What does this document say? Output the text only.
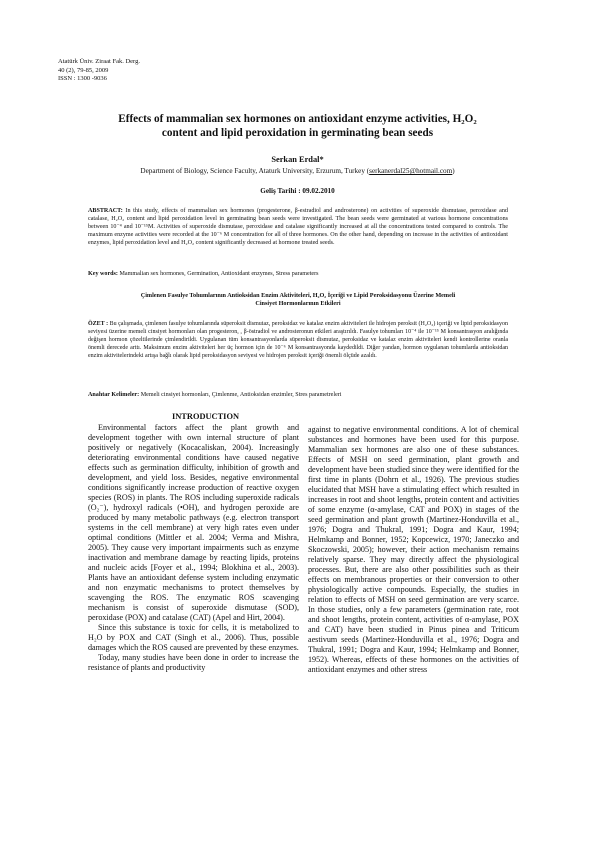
Atatürk Üniv. Ziraat Fak. Derg.
40 (2), 79-85, 2009
ISSN : 1300 -9036
Effects of mammalian sex hormones on antioxidant enzyme activities, H₂O₂
content and lipid peroxidation in germinating bean seeds
Serkan Erdal*
Department of Biology, Science Faculty, Ataturk University, Erzurum, Turkey (serkanerdal25@hotmail.com)
Geliş Tarihi : 09.02.2010
ABSTRACT: In this study, effects of mammalian sex hormones (progesterone, β-estradiol and androsterone) on activities of superoxide dismutase, peroxidase and catalase, H₂O₂ content and lipid peroxidation level in germinating bean seeds were investigated. The bean seeds were germinated at various hormone concentrations between 10⁻⁴ and 10⁻¹⁵M. Activities of superoxide dismutase, peroxidase and catalase significantly increased at all the concentrations tested compared to controls. The maximum enzyme activities were recorded at the 10⁻⁶ M concentration for all of three hormones. On the other hand, depending on increase in the activities of antioxidant enzymes, lipid peroxidation level and H₂O₂ content significantly decreased at hormone treated seeds.
Key words: Mammalian sex hormones, Germination, Antioxidant enzymes, Stress parameters
Çimlenen Fasulye Tohumlarının Antioksidan Enzim Aktiviteleri, H₂O₂ İçeriği ve Lipid Peroksidasyonu Üzerine Memeli
Cinsiyet Hormonlarının Etkileri
ÖZET : Bu çalışmada, çimlenen fasulye tohumlarında süperoksit dismutaz, peroksidaz ve katalaz enzim aktiviteleri ile hidrojen peroksit (H₂O₂) içeriği ve lipid peroksidasyon seviyesi üzerine memeli cinsiyet hormonları olan progesteron, , β-östradiol ve androsteronun etkileri araştırıldı. Fasulye tohumları 10⁻⁴ ile 10⁻¹⁵ M konsantrasyon aralığında değişen hormon çözeltilerinde çimlendirildi. Uygulanan tüm konsantrasyonlarda süperoksit dismutaz, peroksidaz ve katalaz enzim aktiviteleri kendi kontrollerine oranla önemli derecede arttı. Maksimum enzim aktiviteleri her üç hormon için de 10⁻⁶ M konsantrasyonda kaydedildi. Diğer yandan, hormon uygulanan tohumlarda antioksidan enzim aktivitelerindeki artışa bağlı olarak lipid peroksidasyon seviyesi ve hidrojen peroksit içeriği önemli ölçüde azaldı.
Anahtar Kelimeler: Memeli cinsiyet hormonları, Çimlenme, Antioksidan enzimler, Stres parametreleri
INTRODUCTION

Environmental factors affect the plant growth and development together with own internal structure of plant positively or negatively (Kocacaliskan, 2004). Increasingly deteriorating environmental conditions have caused negative effects such as germination difficulty, inhibition of growth and development, and yield loss. Besides, negative environmental conditions significantly increase production of reactive oxygen species (ROS) in plants. The ROS including superoxide radicals (O₂⁻), hydroxyl radicals (•OH), and hydrogen peroxide are produced by many metabolic pathways (e.g. electron transport systems in the cell membrane) at very high rates even under optimal conditions (Mittler et al. 2004; Verma and Mishra, 2005). They cause very important impairments such as enzyme inactivation and membrane damage by reacting lipids, proteins and nucleic acids [Foyer et al., 1994; Blokhina et al., 2003). Plants have an antioxidant defense system including enzymatic and non enzymatic mechanisms to protect themselves by scavenging the ROS. The enzymatic ROS scavenging mechanism is consist of superoxide dismutase (SOD), peroxidase (POX) and catalase (CAT) (Apel and Hirt, 2004).

Since this substance is toxic for cells, it is metabolized to H₂O by POX and CAT (Singh et al., 2006). Thus, possible damages which the ROS caused are prevented by these enzymes.

Today, many studies have been done in order to increase the resistance of plants and productivity

against to negative environmental conditions. A lot of chemical substances and hormones have been used for this purpose. Mammalian sex hormones are also one of these substances. Effects of MSH on seed germination, plant growth and development have been studied since they were identified for the first time in plants (Dohrn et al., 1926). The previous studies elucidated that MSH have a stimulating effect which resulted in increases in root and shoot lengths, protein content and activities of some enzyme (α-amylase, CAT and POX) in stages of the seed germination and plant growth (Martinez-Honduvilla et al., 1976; Dogra and Thukral, 1991; Dogra and Kaur, 1994; Helmkamp and Bonner, 1952; Kopcewicz, 1970; Janeczko and Skoczowski, 2005); however, their action mechanism remains relatively sparse. They may directly affect the physiological processes. But, there are also other possibilities such as their effects on membranous properties or their conversion to other physiologically active compounds. Especially, the studies in relation to effects of MSH on seed germination are very scarce. In those studies, only a few parameters (germination rate, root and shoot lengths, protein content, activities of α-amylase, POX and CAT) have been studied in Pinus pinea and Triticum aestivum seeds (Martinez-Honduvilla et al., 1976; Dogra and Thukral, 1991; Dogra and Kaur, 1994; Helmkamp and Bonner, 1952). Whereas, effects of these hormones on the activities of antioxidant enzymes and other stress
